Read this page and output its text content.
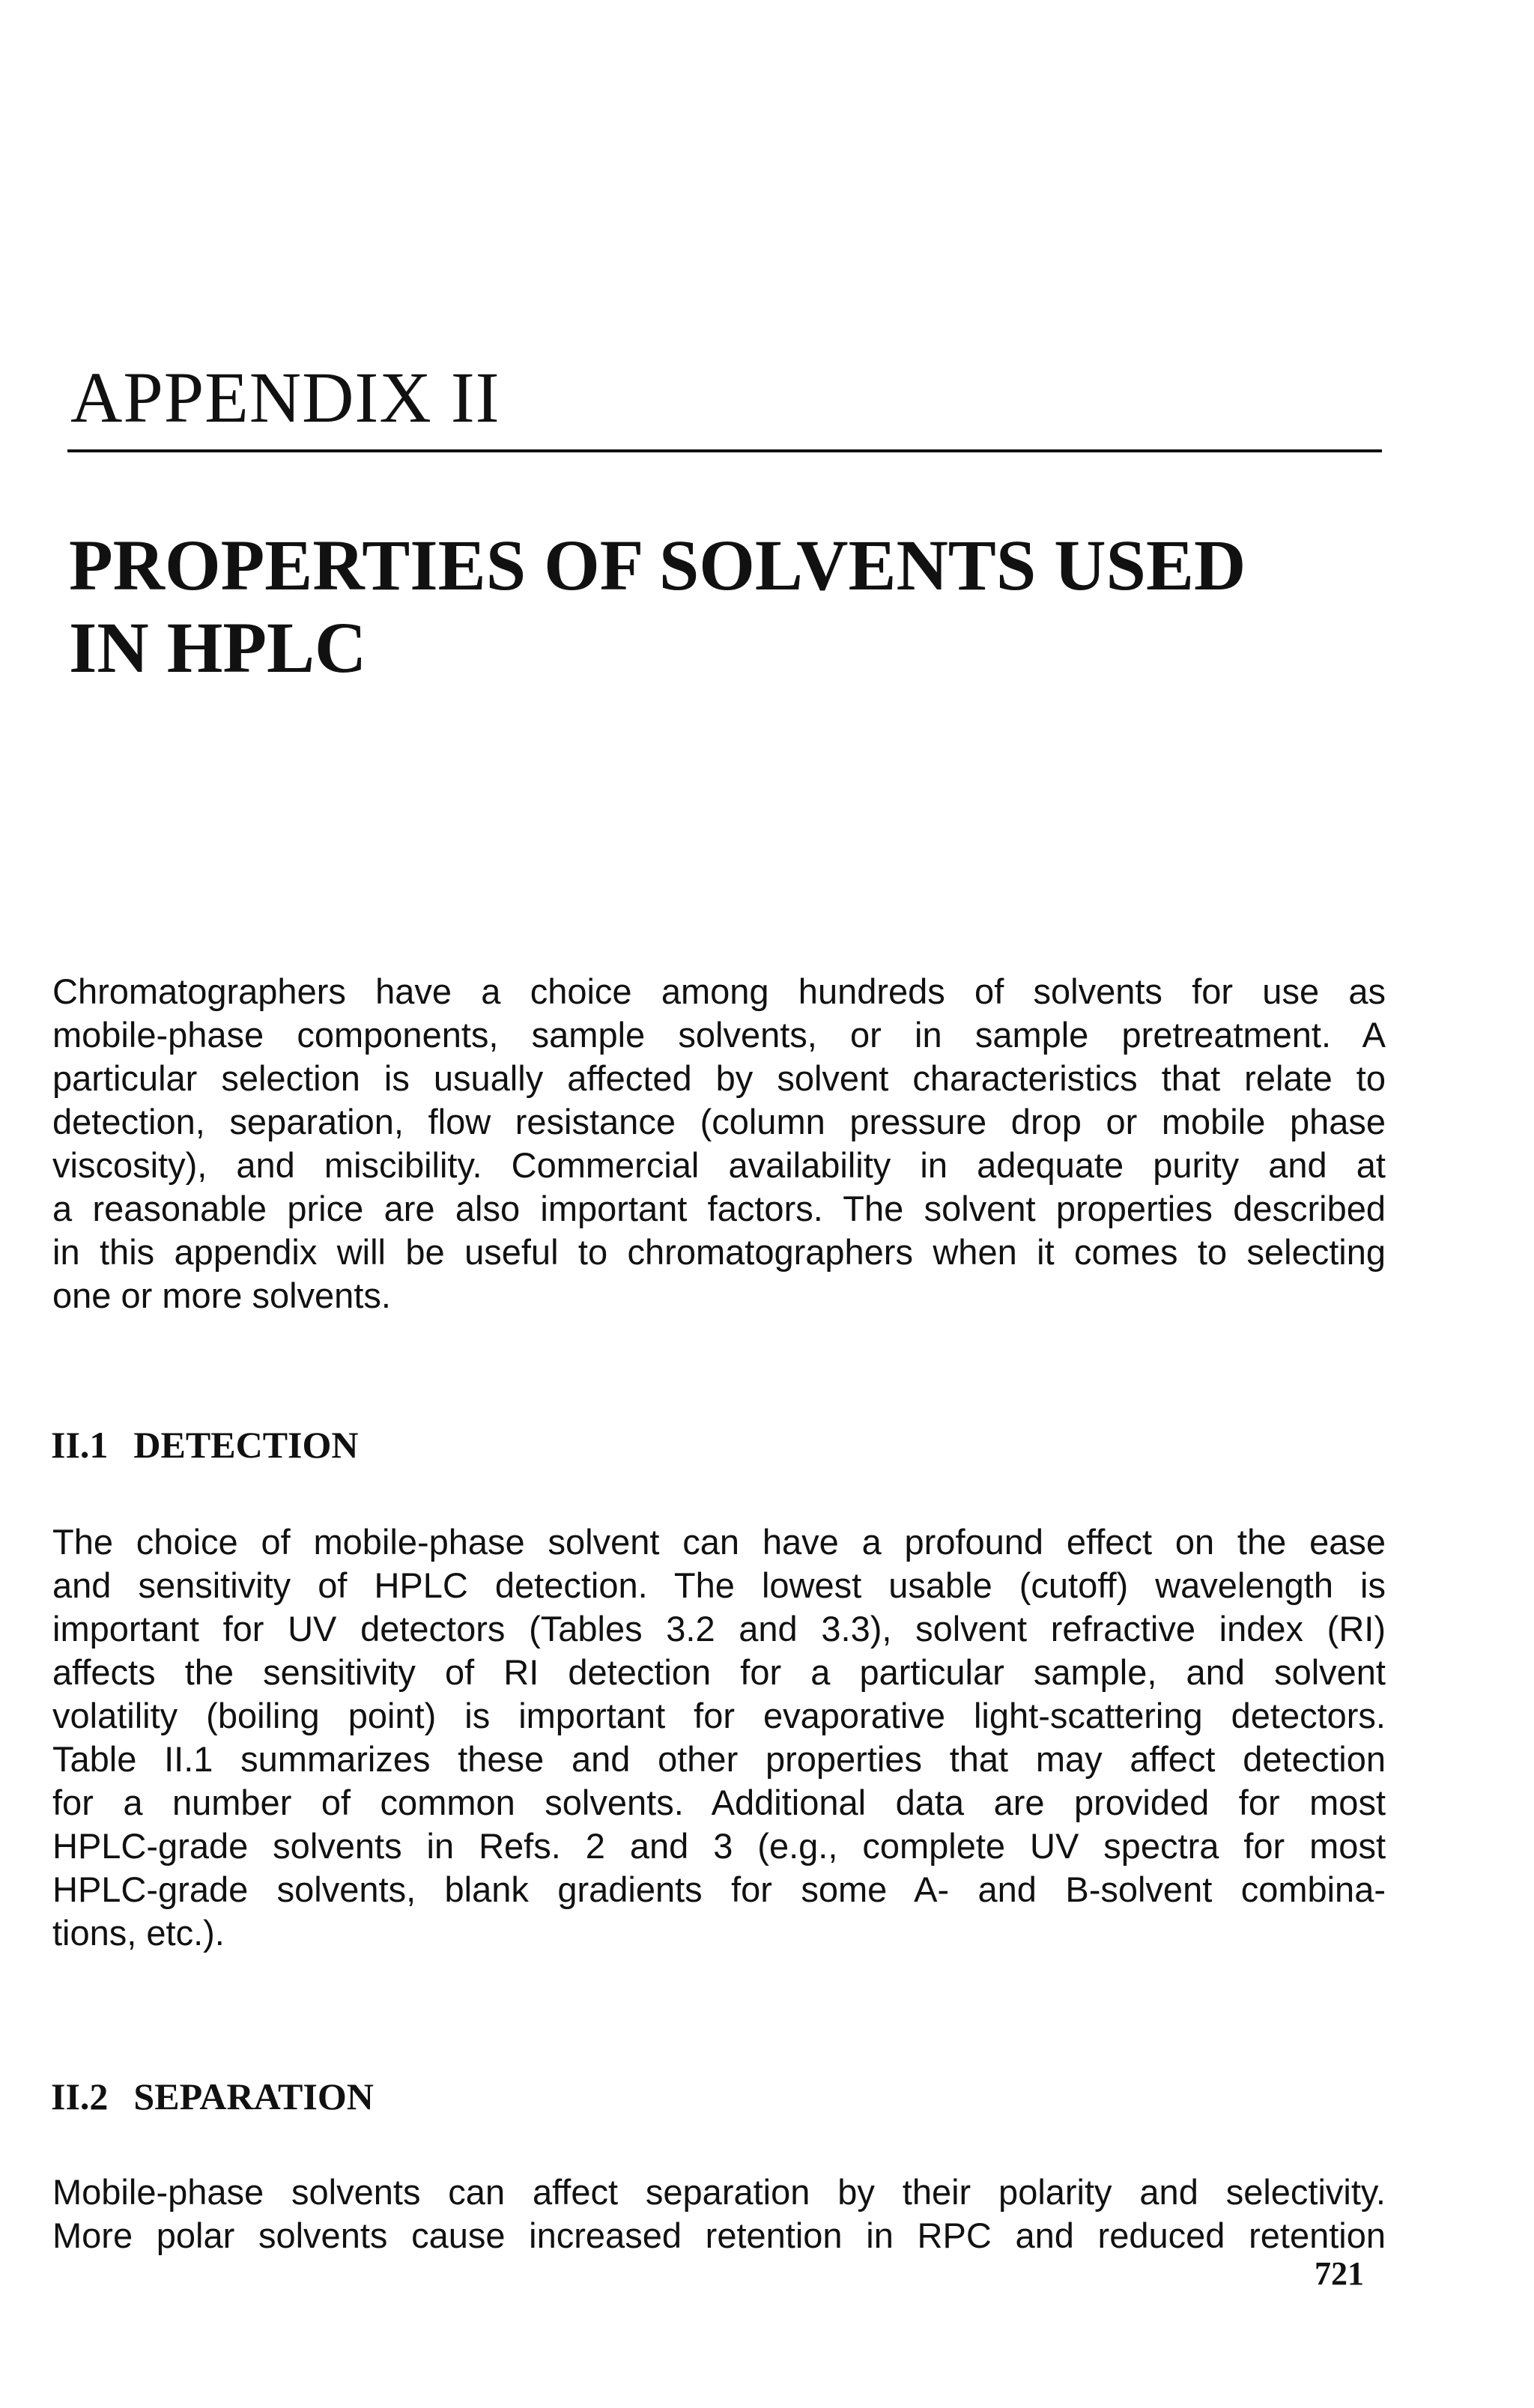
APPENDIX II
PROPERTIES OF SOLVENTS USED
IN HPLC

Chromatographers have a choice among hundreds of solvents for use as
mobile-phase components, sample solvents, or in sample pretreatment. A
particular selection is usually affected by solvent characteristics that relate to
detection, separation, flow resistance (column pressure drop or mobile phase
viscosity), and miscibility. Commercial availability in adequate purity and at
a reasonable price are also important factors. The solvent properties described
in this appendix will be useful to chromatographers when it comes to selecting
one or more solvents.

II.1 DETECTION

The choice of mobile-phase solvent can have a profound effect on the ease
and sensitivity of HPLC detection. The lowest usable (cutoff) wavelength is
important for UV detectors (Tables 3.2 and 3.3), solvent refractive index (RI)
affects the sensitivity of RI detection for a particular sample, and solvent
volatility (boiling point) is important for evaporative light-scattering detectors.
Table II.1 summarizes these and other properties that may affect detection
for a number of common solvents. Additional data are provided for most
HPLC-grade solvents in Refs. 2 and 3 (e.g., complete UV spectra for most
HPLC-grade solvents, blank gradients for some A- and B-solvent combina-
tions, etc.).

II.2 SEPARATION

Mobile-phase solvents can affect separation by their polarity and selectivity.
More polar solvents cause increased retention in RPC and reduced retention

721
